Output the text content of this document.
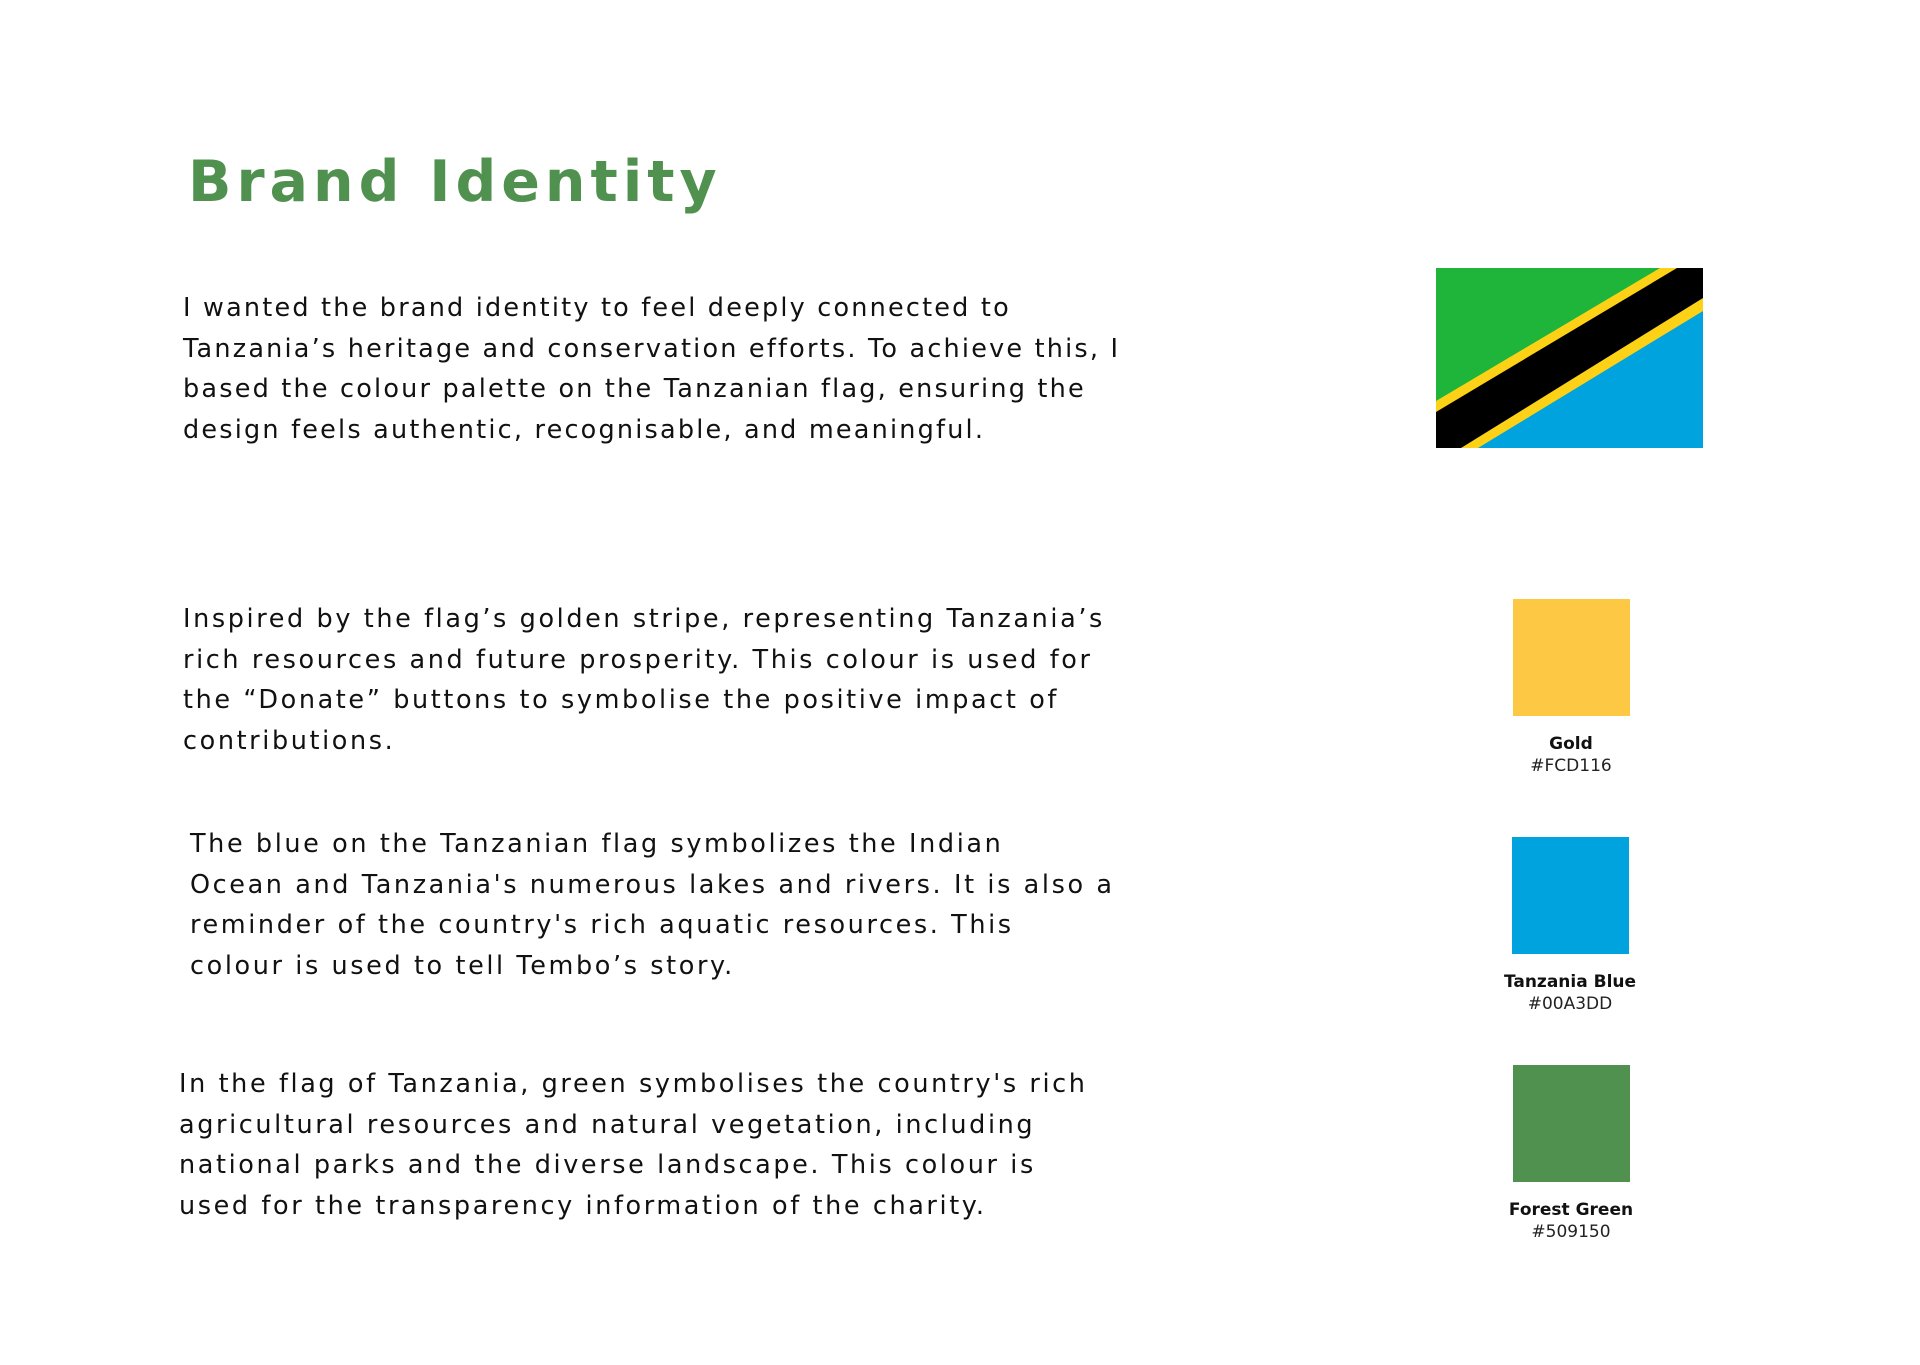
Brand Identity

I wanted the brand identity to feel deeply connected to
Tanzania’s heritage and conservation efforts. To achieve this, I
based the colour palette on the Tanzanian flag, ensuring the
design feels authentic, recognisable, and meaningful.

Inspired by the flag’s golden stripe, representing Tanzania’s
rich resources and future prosperity. This colour is used for
the “Donate” buttons to symbolise the positive impact of
contributions.	Gold
#FCD116

The blue on the Tanzanian flag symbolizes the Indian
Ocean and Tanzania's numerous lakes and rivers. It is also a
reminder of the country's rich aquatic resources. This
colour is used to tell Tembo’s story.

Tanzania Blue
#00A3DD

In the flag of Tanzania, green symbolises the country's rich
agricultural resources and natural vegetation, including
national parks and the diverse landscape. This colour is
used for the transparency information of the charity.	Forest Green
#509150
